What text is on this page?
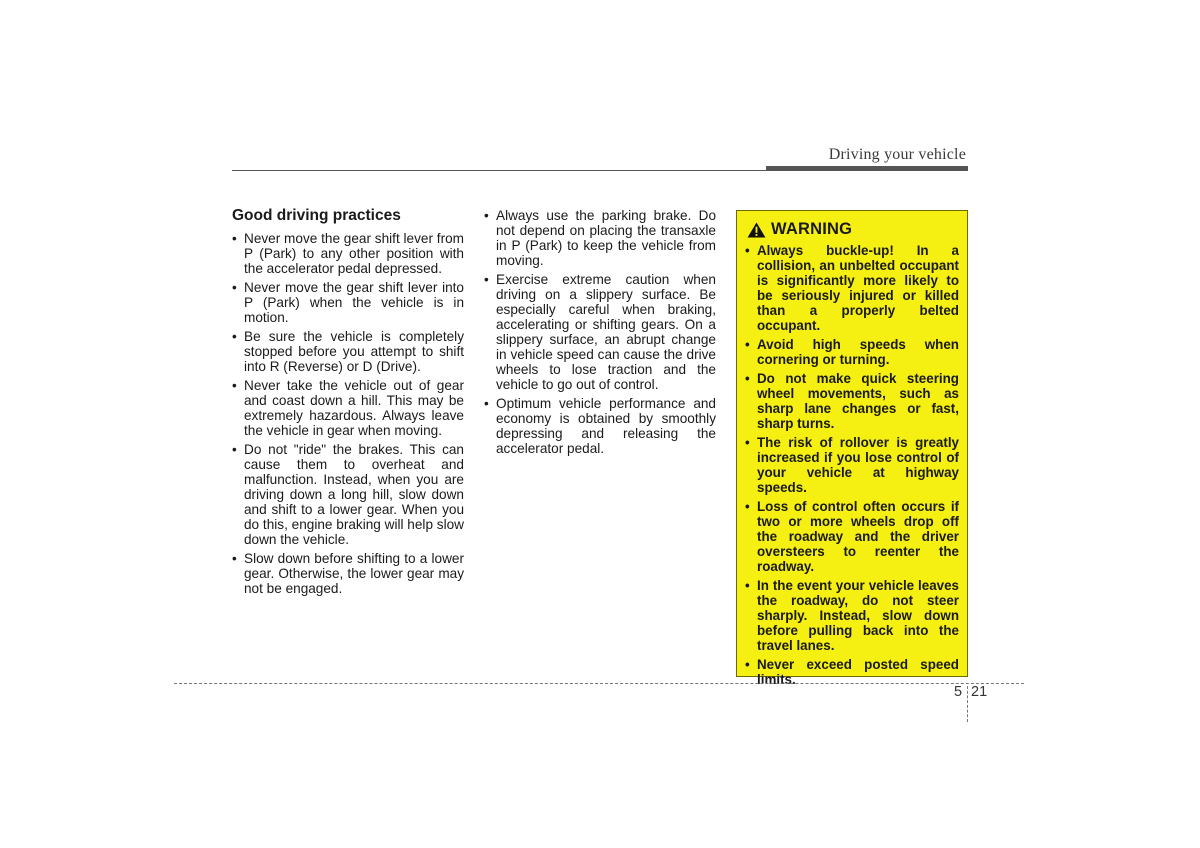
Driving your vehicle
Good driving practices
• Never move the gear shift lever from P (Park) to any other position with the accelerator pedal depressed.
• Never move the gear shift lever into P (Park) when the vehicle is in motion.
• Be sure the vehicle is completely stopped before you attempt to shift into R (Reverse) or D (Drive).
• Never take the vehicle out of gear and coast down a hill. This may be extremely hazardous. Always leave the vehicle in gear when moving.
• Do not "ride" the brakes. This can cause them to overheat and malfunction. Instead, when you are driving down a long hill, slow down and shift to a lower gear. When you do this, engine braking will help slow down the vehicle.
• Slow down before shifting to a lower gear. Otherwise, the lower gear may not be engaged.
• Always use the parking brake. Do not depend on placing the transaxle in P (Park) to keep the vehicle from moving.
• Exercise extreme caution when driving on a slippery surface. Be especially careful when braking, accelerating or shifting gears. On a slippery surface, an abrupt change in vehicle speed can cause the drive wheels to lose traction and the vehicle to go out of control.
• Optimum vehicle performance and economy is obtained by smoothly depressing and releasing the accelerator pedal.
WARNING
• Always buckle-up! In a collision, an unbelted occupant is significantly more likely to be seriously injured or killed than a properly belted occupant.
• Avoid high speeds when cornering or turning.
• Do not make quick steering wheel movements, such as sharp lane changes or fast, sharp turns.
• The risk of rollover is greatly increased if you lose control of your vehicle at highway speeds.
• Loss of control often occurs if two or more wheels drop off the roadway and the driver oversteers to reenter the roadway.
• In the event your vehicle leaves the roadway, do not steer sharply. Instead, slow down before pulling back into the travel lanes.
• Never exceed posted speed limits.
5 21
